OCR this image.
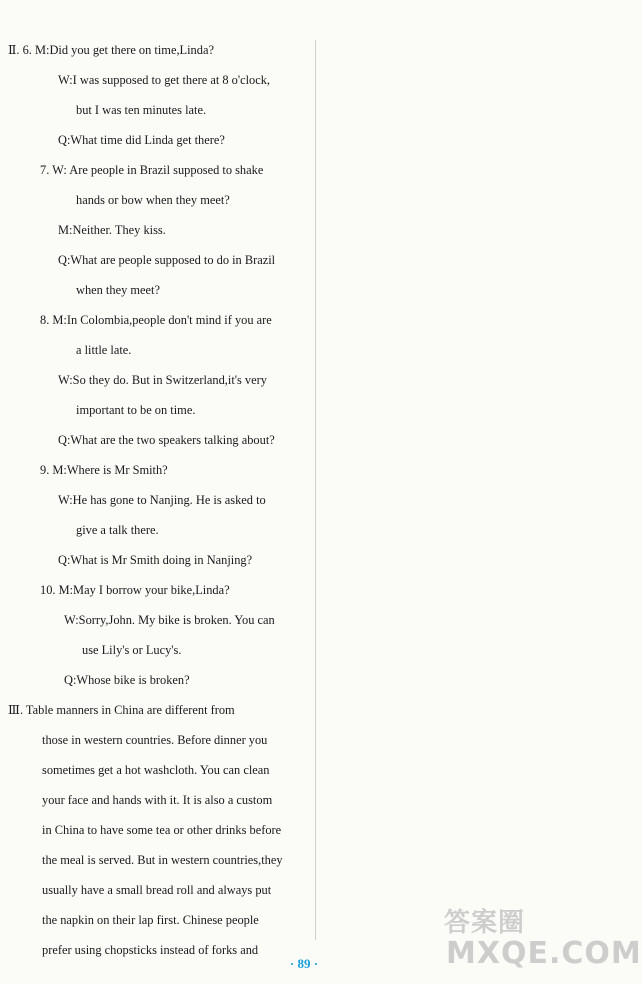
Ⅱ. 6. M:Did you get there on time,Linda?
W:I was supposed to get there at 8 o'clock,
but I was ten minutes late.
Q:What time did Linda get there?
7. W: Are people in Brazil supposed to shake
hands or bow when they meet?
M:Neither. They kiss.
Q:What are people supposed to do in Brazil
when they meet?
8. M:In Colombia,people don't mind if you are
a little late.
W:So they do. But in Switzerland,it's very
important to be on time.
Q:What are the two speakers talking about?
9. M:Where is Mr Smith?
W:He has gone to Nanjing. He is asked to
give a talk there.
Q:What is Mr Smith doing in Nanjing?
10. M:May I borrow your bike,Linda?
W:Sorry,John. My bike is broken. You can
use Lily's or Lucy's.
Q:Whose bike is broken?
Ⅲ. Table manners in China are different from
those in western countries. Before dinner you
sometimes get a hot washcloth. You can clean
your face and hands with it. It is also a custom
in China to have some tea or other drinks before
the meal is served. But in western countries,they
usually have a small bread roll and always put
the napkin on their lap first. Chinese people
prefer using chopsticks instead of forks and
· 89 ·
答案圈
MXQE.COM
